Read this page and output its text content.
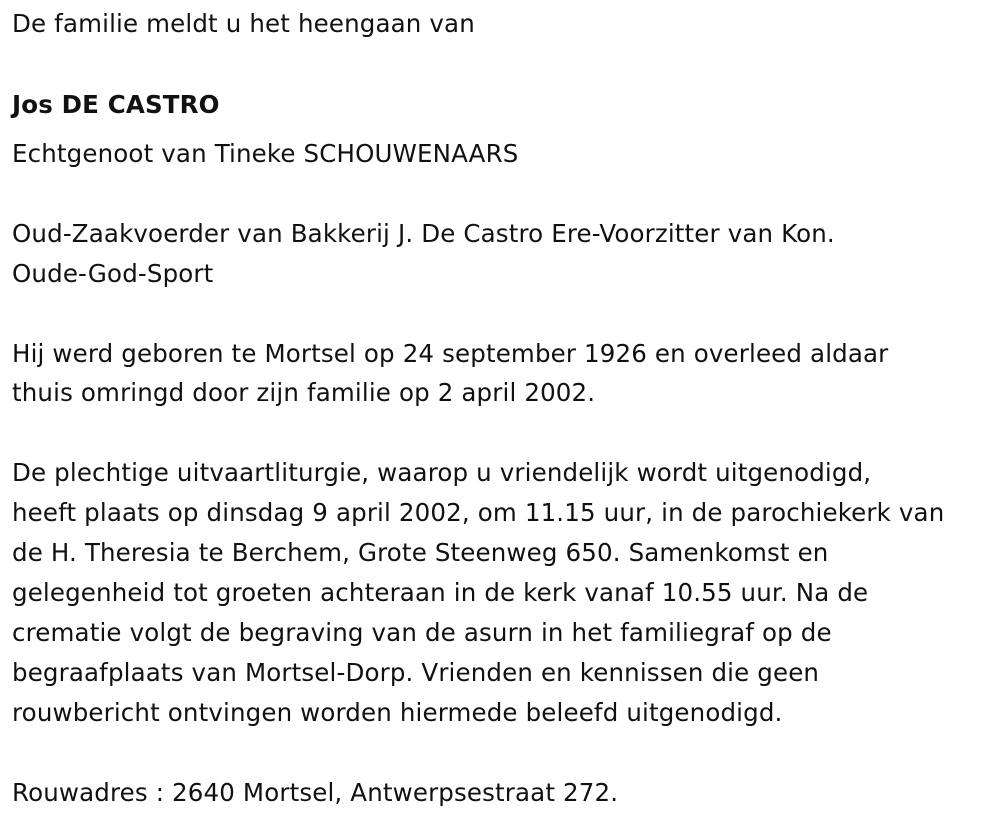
De familie meldt u het heengaan van
Jos DE CASTRO
Echtgenoot van Tineke SCHOUWENAARS
Oud-Zaakvoerder van Bakkerij J. De Castro Ere-Voorzitter van Kon.
Oude-God-Sport
Hij werd geboren te Mortsel op 24 september 1926 en overleed aldaar
thuis omringd door zijn familie op 2 april 2002.
De plechtige uitvaartliturgie, waarop u vriendelijk wordt uitgenodigd,
heeft plaats op dinsdag 9 april 2002, om 11.15 uur, in de parochiekerk van
de H. Theresia te Berchem, Grote Steenweg 650. Samenkomst en
gelegenheid tot groeten achteraan in de kerk vanaf 10.55 uur. Na de
crematie volgt de begraving van de asurn in het familiegraf op de
begraafplaats van Mortsel-Dorp. Vrienden en kennissen die geen
rouwbericht ontvingen worden hiermede beleefd uitgenodigd.
Rouwadres : 2640 Mortsel, Antwerpsestraat 272.
